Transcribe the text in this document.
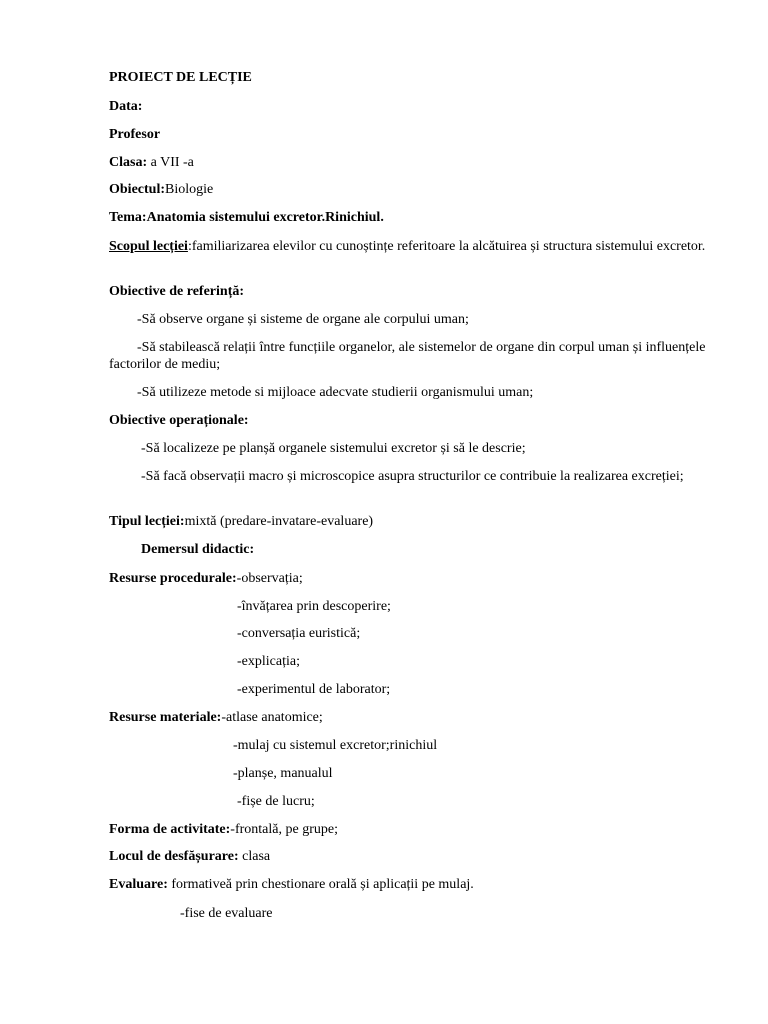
PROIECT DE LECȚIE
Data:
Profesor
Clasa: a VII -a
Obiectul:Biologie
Tema:Anatomia sistemului excretor.Rinichiul.
Scopul lecției:familiarizarea elevilor cu cunoștințe referitoare la alcătuirea și structura sistemului excretor.
Obiective de referință:
-Să observe organe și sisteme de organe ale corpului uman;
-Să stabilească relații între funcțiile organelor, ale sistemelor de organe din corpul uman și influențele factorilor de mediu;
-Să utilizeze metode si mijloace adecvate studierii organismului uman;
Obiective operaționale:
-Să localizeze pe planșă organele sistemului excretor și să le descrie;
-Să facă observații macro și microscopice asupra structurilor ce contribuie la realizarea excreției;
Tipul lecției:mixtă (predare-invatare-evaluare)
Demersul didactic:
Resurse procedurale:-observația;
-învățarea prin descoperire;
-conversația euristică;
-explicația;
-experimentul de laborator;
Resurse materiale:-atlase anatomice;
-mulaj cu sistemul excretor;rinichiul
-planșe, manualul
-fișe de lucru;
Forma de activitate:-frontală, pe grupe;
Locul de desfășurare: clasa
Evaluare: formativeă prin chestionare orală și aplicații pe mulaj.
-fise de evaluare
